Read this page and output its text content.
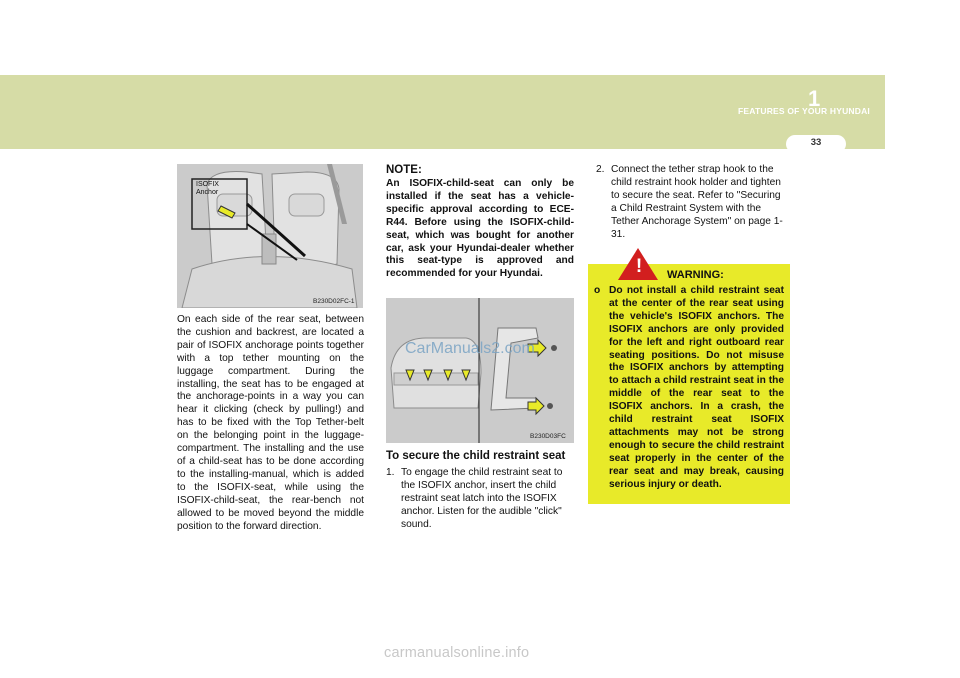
FEATURES OF YOUR HYUNDAI
1
33
ISOFIX
Anchor
B230D02FC-1
On each side of the rear seat, between the cushion and backrest, are located a pair of ISOFIX anchorage points together with a top tether mounting on the luggage compartment. During the installing, the seat has to be engaged at the anchorage-points in a way you can hear it clicking (check by pulling!) and has to be fixed with the Top Tether-belt on the belonging point in the luggage-compartment. The installing and the use of a child-seat has to be done according to the installing-manual, which is added to the ISOFIX-seat, while using the ISOFIX-child-seat, the rear-bench not allowed to be moved beyond the middle position to the forward direction.
NOTE:
An ISOFIX-child-seat can only be installed if the seat has a vehicle-specific approval according to ECE-R44. Before using the ISOFIX-child-seat, which was bought for another car, ask your Hyundai-dealer whether this seat-type is approved and recommended for your Hyundai.
CarManuals2.com
B230D03FC
To secure the child restraint seat
1. To engage the child restraint seat to the ISOFIX anchor, insert the child restraint seat latch into the ISOFIX anchor. Listen for the audible "click" sound.
2. Connect the tether strap hook to the child restraint hook holder and tighten to secure the seat. Refer to "Securing a Child Restraint System with the Tether Anchorage System" on page 1-31.
!	WARNING:
o Do not install a child restraint seat at the center of the rear seat using the vehicle's ISOFIX anchors. The ISOFIX anchors are only provided for the left and right outboard rear seating positions. Do not misuse the ISOFIX anchors by attempting to attach a child restraint seat in the middle of the rear seat to the ISOFIX anchors. In a crash, the child restraint seat ISOFIX attachments may not be strong enough to secure the child restraint seat properly in the center of the rear seat and may break, causing serious injury or death.
carmanualsonline.info
